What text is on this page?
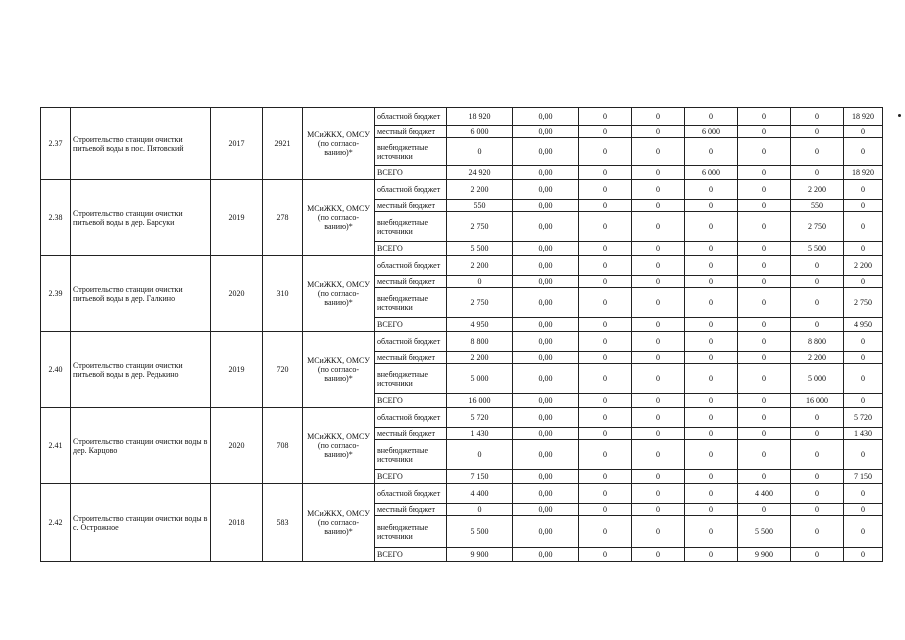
2.37	Строительство станции очистки питьевой воды в пос. Пятовский	2017	2921	МСиЖКХ, ОМСУ (по согласо-ванию)*	областной бюджет	18 920	0,00	0	0	0	0	0	18 920
					местный бюджет	6 000	0,00	0	0	6 000	0	0	0
					внебюджетные источники	0	0,00	0	0	0	0	0	0
					ВСЕГО	24 920	0,00	0	0	6 000	0	0	18 920
2.38	Строительство станции очистки питьевой воды в дер. Барсуки	2019	278	МСиЖКХ, ОМСУ (по согласо-ванию)*	областной бюджет	2 200	0,00	0	0	0	0	2 200	0
					местный бюджет	550	0,00	0	0	0	0	550	0
					внебюджетные источники	2 750	0,00	0	0	0	0	2 750	0
					ВСЕГО	5 500	0,00	0	0	0	0	5 500	0
2.39	Строительство станции очистки питьевой воды в дер. Галкино	2020	310	МСиЖКХ, ОМСУ (по согласо-ванию)*	областной бюджет	2 200	0,00	0	0	0	0	0	2 200
					местный бюджет	0	0,00	0	0	0	0	0	0
					внебюджетные источники	2 750	0,00	0	0	0	0	0	2 750
					ВСЕГО	4 950	0,00	0	0	0	0	0	4 950
2.40	Строительство станции очистки питьевой воды в дер. Редькино	2019	720	МСиЖКХ, ОМСУ (по согласо-ванию)*	областной бюджет	8 800	0,00	0	0	0	0	8 800	0
					местный бюджет	2 200	0,00	0	0	0	0	2 200	0
					внебюджетные источники	5 000	0,00	0	0	0	0	5 000	0
					ВСЕГО	16 000	0,00	0	0	0	0	16 000	0
2.41	Строительство станции очистки воды в дер. Карцово	2020	708	МСиЖКХ, ОМСУ (по согласо-ванию)*	областной бюджет	5 720	0,00	0	0	0	0	0	5 720
					местный бюджет	1 430	0,00	0	0	0	0	0	1 430
					внебюджетные источники	0	0,00	0	0	0	0	0	0
					ВСЕГО	7 150	0,00	0	0	0	0	0	7 150
2.42	Строительство станции очистки воды в с. Острожное	2018	583	МСиЖКХ, ОМСУ (по согласо-ванию)*	областной бюджет	4 400	0,00	0	0	0	4 400	0	0
					местный бюджет	0	0,00	0	0	0	0	0	0
					внебюджетные источники	5 500	0,00	0	0	0	5 500	0	0
					ВСЕГО	9 900	0,00	0	0	0	9 900	0	0
